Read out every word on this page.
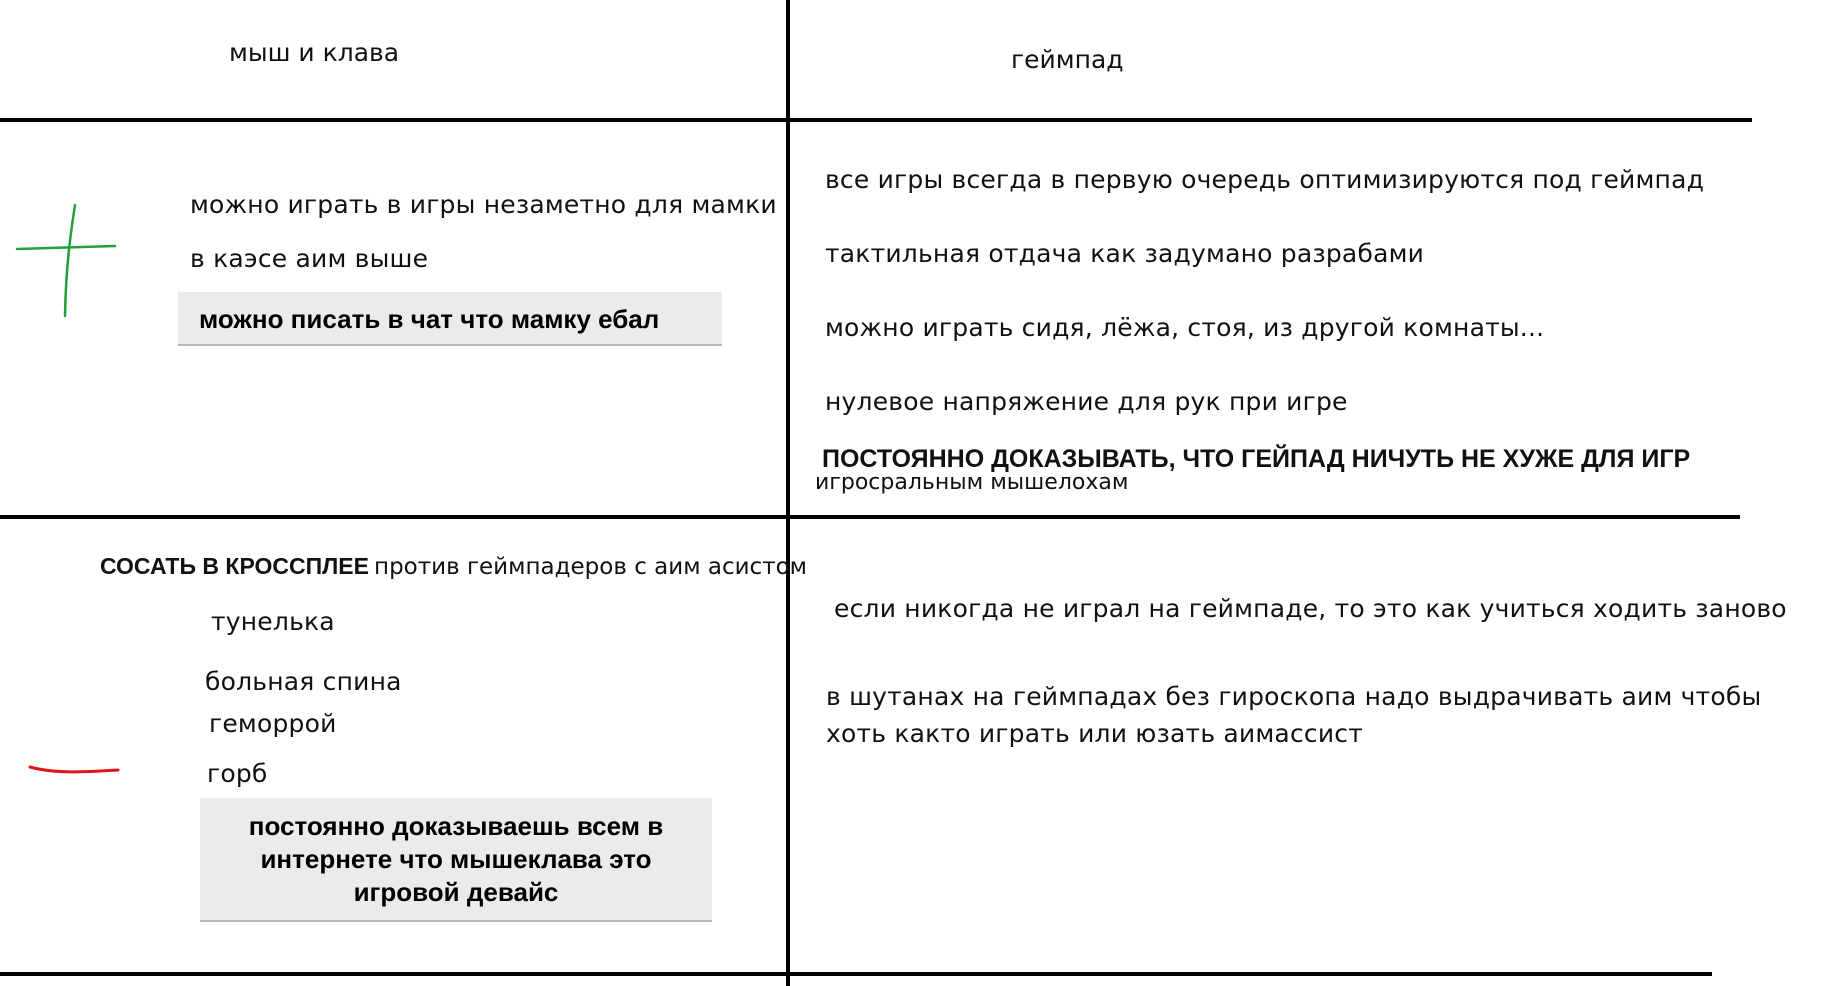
мыш и клава	геймпад
можно играть в игры незаметно для мамки
в каэсе аим выше
можно писать в чат что мамку ебал
все игры всегда в первую очередь оптимизируются под геймпад
тактильная отдача как задумано разрабами
можно играть сидя, лёжа, стоя, из другой комнаты...
нулевое напряжение для рук при игре
ПОСТОЯННО ДОКАЗЫВАТЬ, ЧТО ГЕЙПАД НИЧУТЬ НЕ ХУЖЕ ДЛЯ ИГР
игросральным мышелохам
СОСАТЬ В КРОССПЛЕЕ против геймпадеров с аим асистом
тунелька
больная спина
геморрой
горб
постоянно доказываешь всем в
интернете что мышеклава это
игровой девайс
если никогда не играл на геймпаде, то это как учиться ходить заново
в шутанах на геймпадах без гироскопа надо выдрачивать аим чтобы
хоть както играть или юзать аимассист
